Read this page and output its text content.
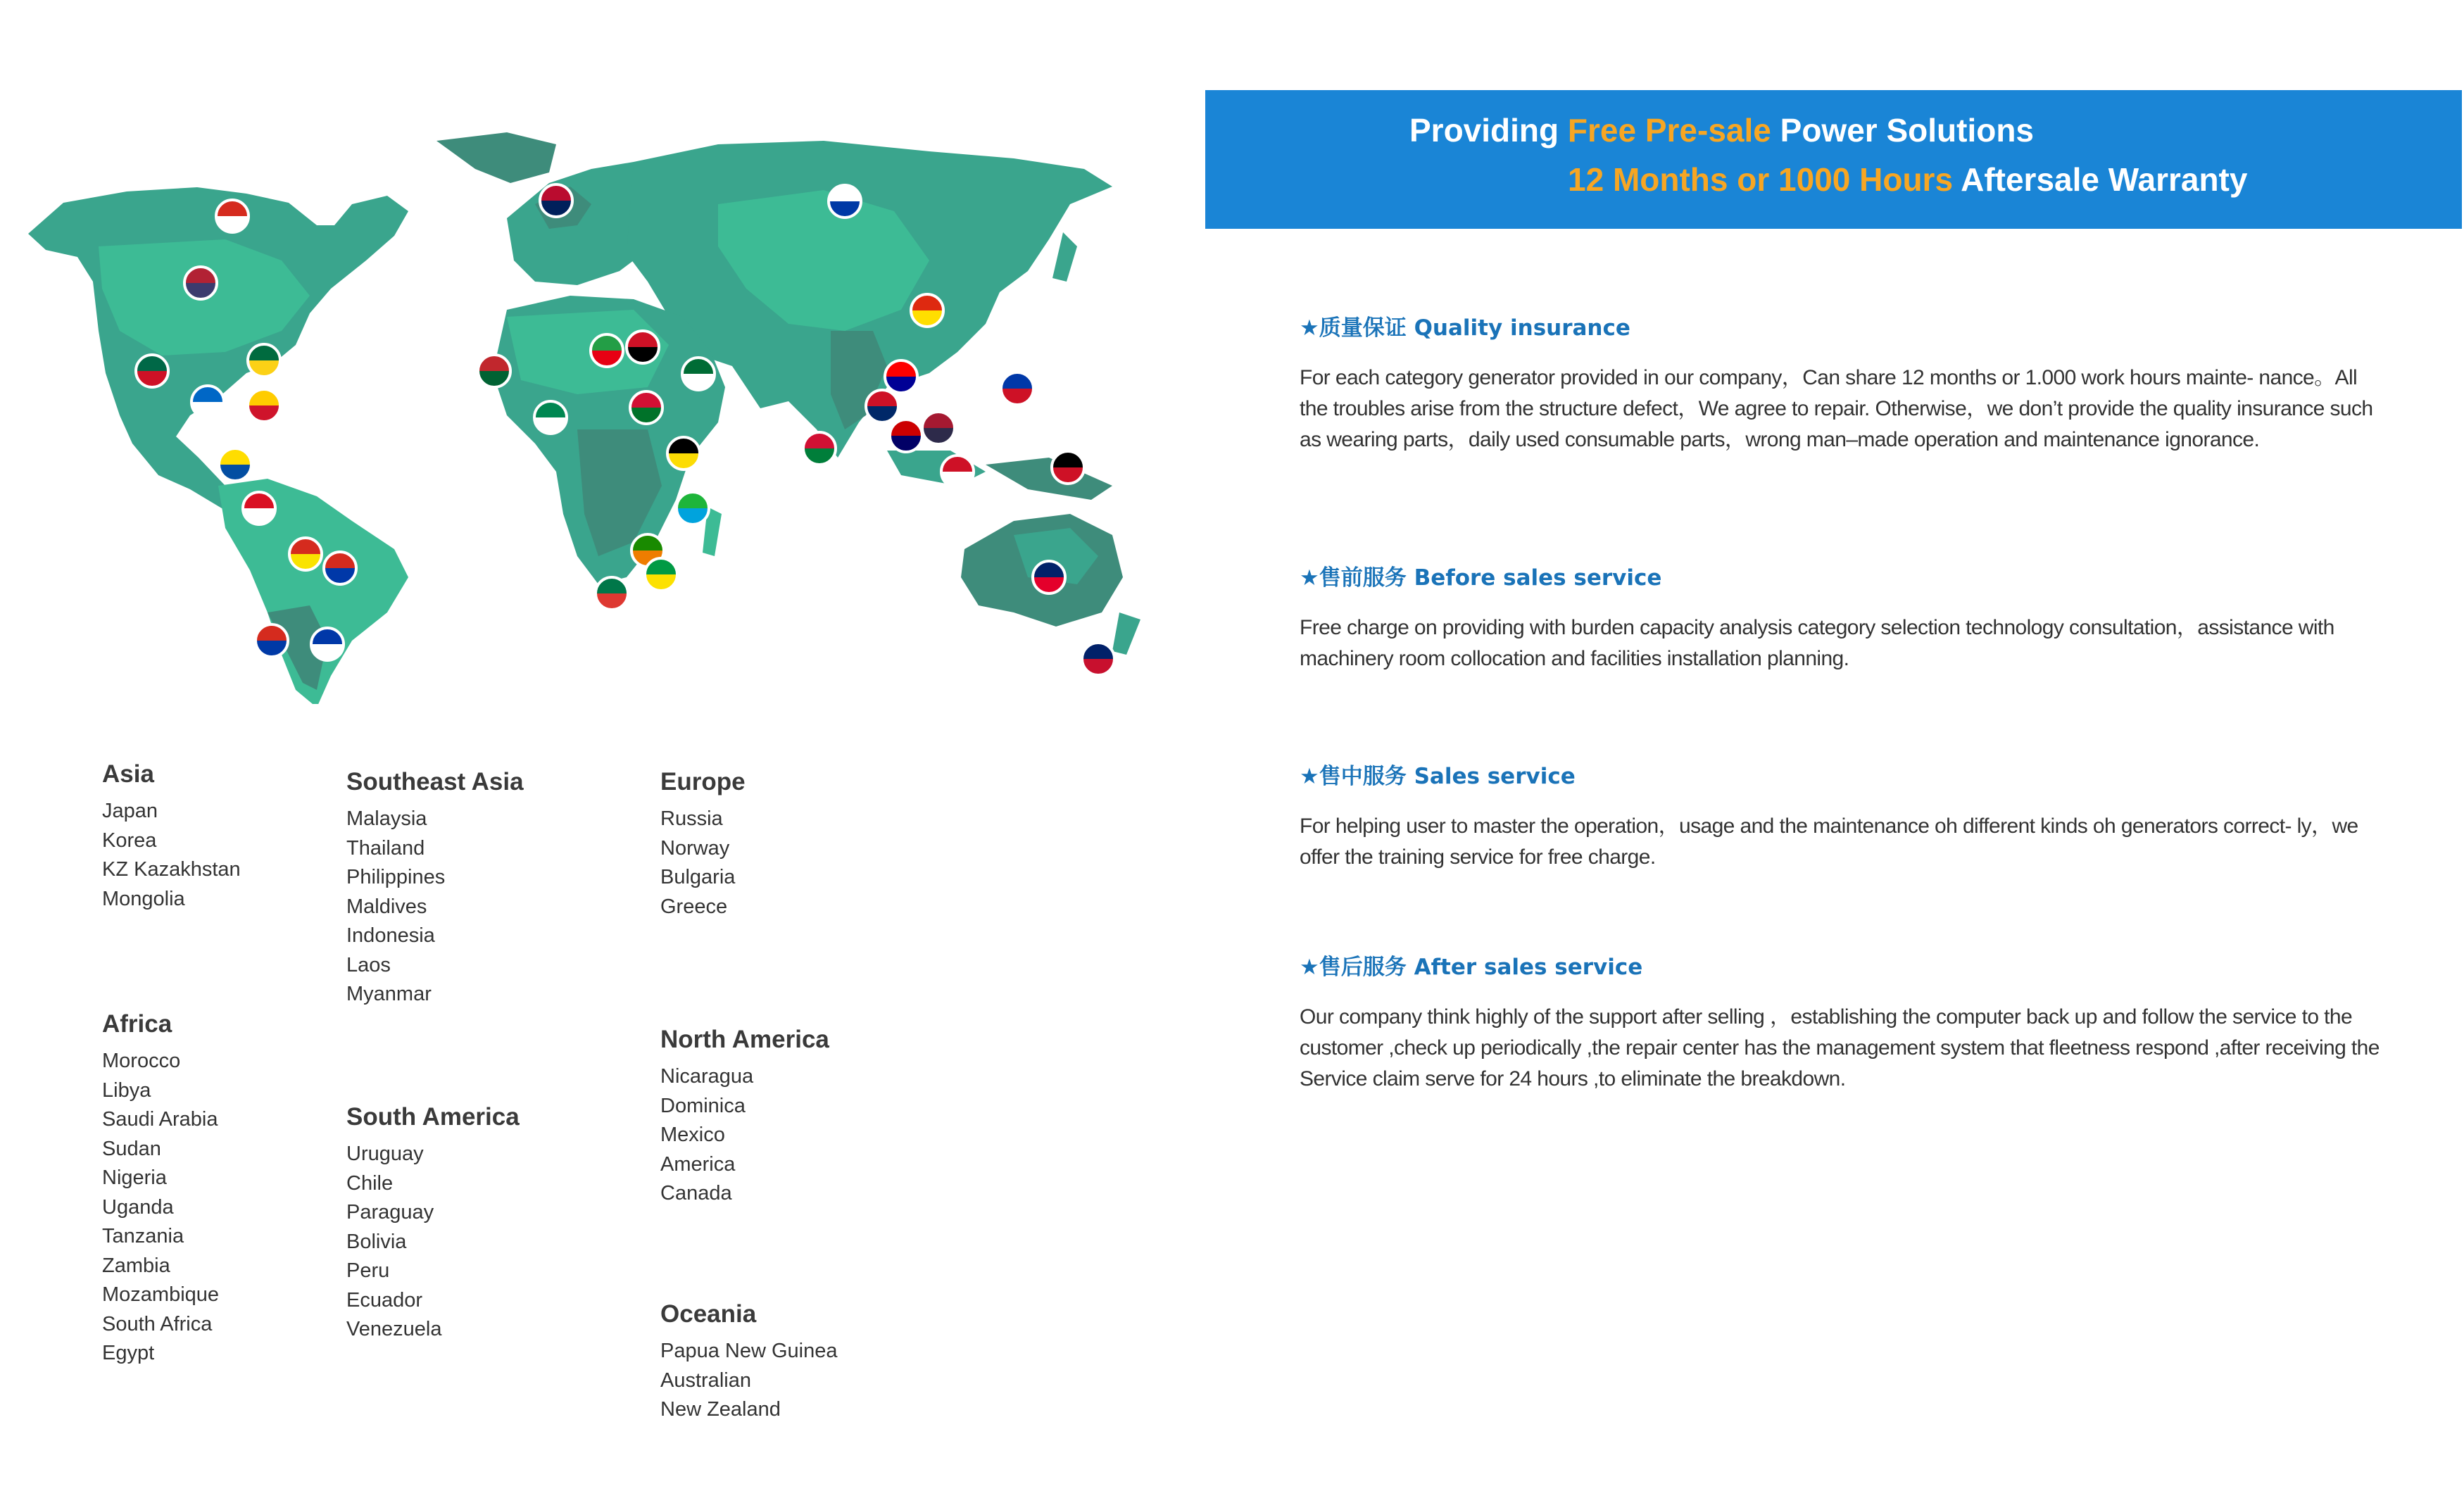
Asia
Japan
Korea
KZ Kazakhstan
Mongolia
Africa
Morocco
Libya
Saudi Arabia
Sudan
Nigeria
Uganda
Tanzania
Zambia
Mozambique
South Africa
Egypt
Southeast Asia
Malaysia
Thailand
Philippines
Maldives
Indonesia
Laos
Myanmar
South America
Uruguay
Chile
Paraguay
Bolivia
Peru
Ecuador
Venezuela
Europe
Russia
Norway
Bulgaria
Greece
North America
Nicaragua
Dominica
Mexico
America
Canada
Oceania
Papua New Guinea
Australian
New Zealand
Providing Free Pre-sale Power Solutions
12 Months or 1000 Hours Aftersale Warranty
★质量保证 Quality insurance

For each category generator provided in our company，Can share 12 months or 1.000 work hours mainte- nance。All the troubles arise from the structure defect，We agree to repair. Otherwise，we don’t provide the quality insurance such as wearing parts，daily used consumable parts，wrong man–made operation and maintenance ignorance.

★售前服务 Before sales service

Free charge on providing with burden capacity analysis category selection technology consultation，assistance with machinery room collocation and facilities installation planning.

★售中服务 Sales service

For helping user to master the operation，usage and the maintenance oh different kinds oh generators correct- ly，we offer the training service for free charge.

★售后服务 After sales service

Our company think highly of the support after selling ，establishing the computer back up and follow the service to the customer ,check up periodically ,the repair center has the management system that fleetness respond ,after receiving the Service claim serve for 24 hours ,to eliminate the breakdown.
